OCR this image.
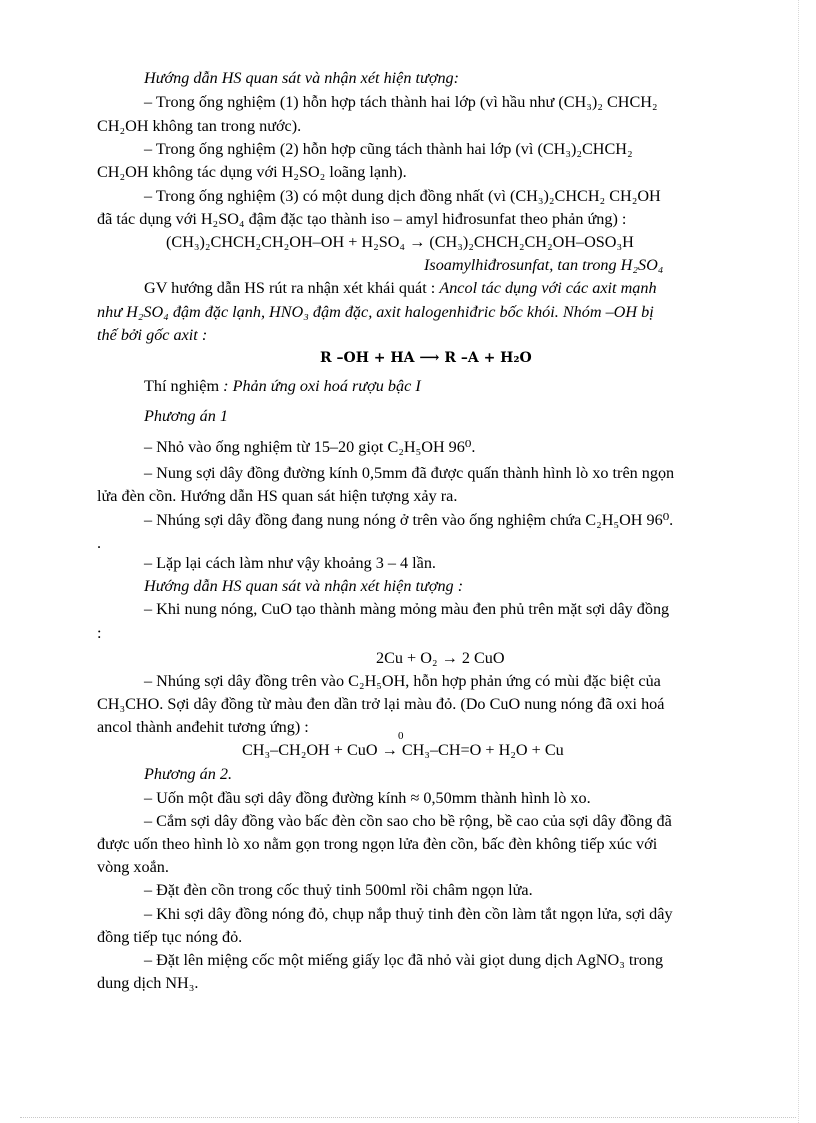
Hướng dẫn HS quan sát và nhận xét hiện tượng:
– Trong ống nghiệm (1) hỗn hợp tách thành hai lớp (vì hầu như (CH₃)₂ CHCH₂
CH₂OH không tan trong nước).
– Trong ống nghiệm (2) hỗn hợp cũng tách thành hai lớp (vì (CH₃)₂CHCH₂
CH₂OH không tác dụng với H₂SO₂ loãng lạnh).
– Trong ống nghiệm (3) có một dung dịch đồng nhất (vì (CH₃)₂CHCH₂ CH₂OH
đã tác dụng với H₂SO₄ đậm đặc tạo thành iso – amyl hiđrosunfat theo phản ứng) :
(CH₃)₂CHCH₂CH₂OH–OH + H₂SO₄ → (CH₃)₂CHCH₂CH₂OH–OSO₃H
Isoamylhiđrosunfat, tan trong H₂SO₄
GV hướng dẫn HS rút ra nhận xét khái quát : Ancol tác dụng với các axit mạnh
như H₂SO₄ đậm đặc lạnh, HNO₃ đậm đặc, axit halogenhiđric bốc khói. Nhóm –OH bị
thế bởi gốc axit :
R –OH + HA ⟶ R –A + H₂O
Thí nghiệm : Phản ứng oxi hoá rượu bậc I
Phương án 1
– Nhỏ vào ống nghiệm từ 15–20 giọt C₂H₅OH 96⁰.
– Nung sợi dây đồng đường kính 0,5mm đã được quấn thành hình lò xo trên ngọn
lửa đèn cồn. Hướng dẫn HS quan sát hiện tượng xảy ra.
– Nhúng sợi dây đồng đang nung nóng ở trên vào ống nghiệm chứa C₂H₅OH 96⁰.
.
– Lặp lại cách làm như vậy khoảng 3 – 4 lần.
Hướng dẫn HS quan sát và nhận xét hiện tượng :
– Khi nung nóng, CuO tạo thành màng mỏng màu đen phủ trên mặt sợi dây đồng
:
2Cu + O₂ → 2 CuO
– Nhúng sợi dây đồng trên vào C₂H₅OH, hỗn hợp phản ứng có mùi đặc biệt của
CH₃CHO. Sợi dây đồng từ màu đen dần trở lại màu đỏ. (Do CuO nung nóng đã oxi hoá
ancol thành anđehit tương ứng) :
CH₃–CH₂OH + CuO → CH₃–CH=O + H₂O + Cu
0
Phương án 2.
– Uốn một đầu sợi dây đồng đường kính ≈ 0,50mm thành hình lò xo.
– Cắm sợi dây đồng vào bấc đèn cồn sao cho bề rộng, bề cao của sợi dây đồng đã
được uốn theo hình lò xo nằm gọn trong ngọn lửa đèn cồn, bấc đèn không tiếp xúc với
vòng xoắn.
– Đặt đèn cồn trong cốc thuỷ tinh 500ml rồi châm ngọn lửa.
– Khi sợi dây đồng nóng đỏ, chụp nắp thuỷ tinh đèn cồn làm tắt ngọn lửa, sợi dây
đồng tiếp tục nóng đỏ.
– Đặt lên miệng cốc một miếng giấy lọc đã nhỏ vài giọt dung dịch AgNO₃ trong
dung dịch NH₃.
